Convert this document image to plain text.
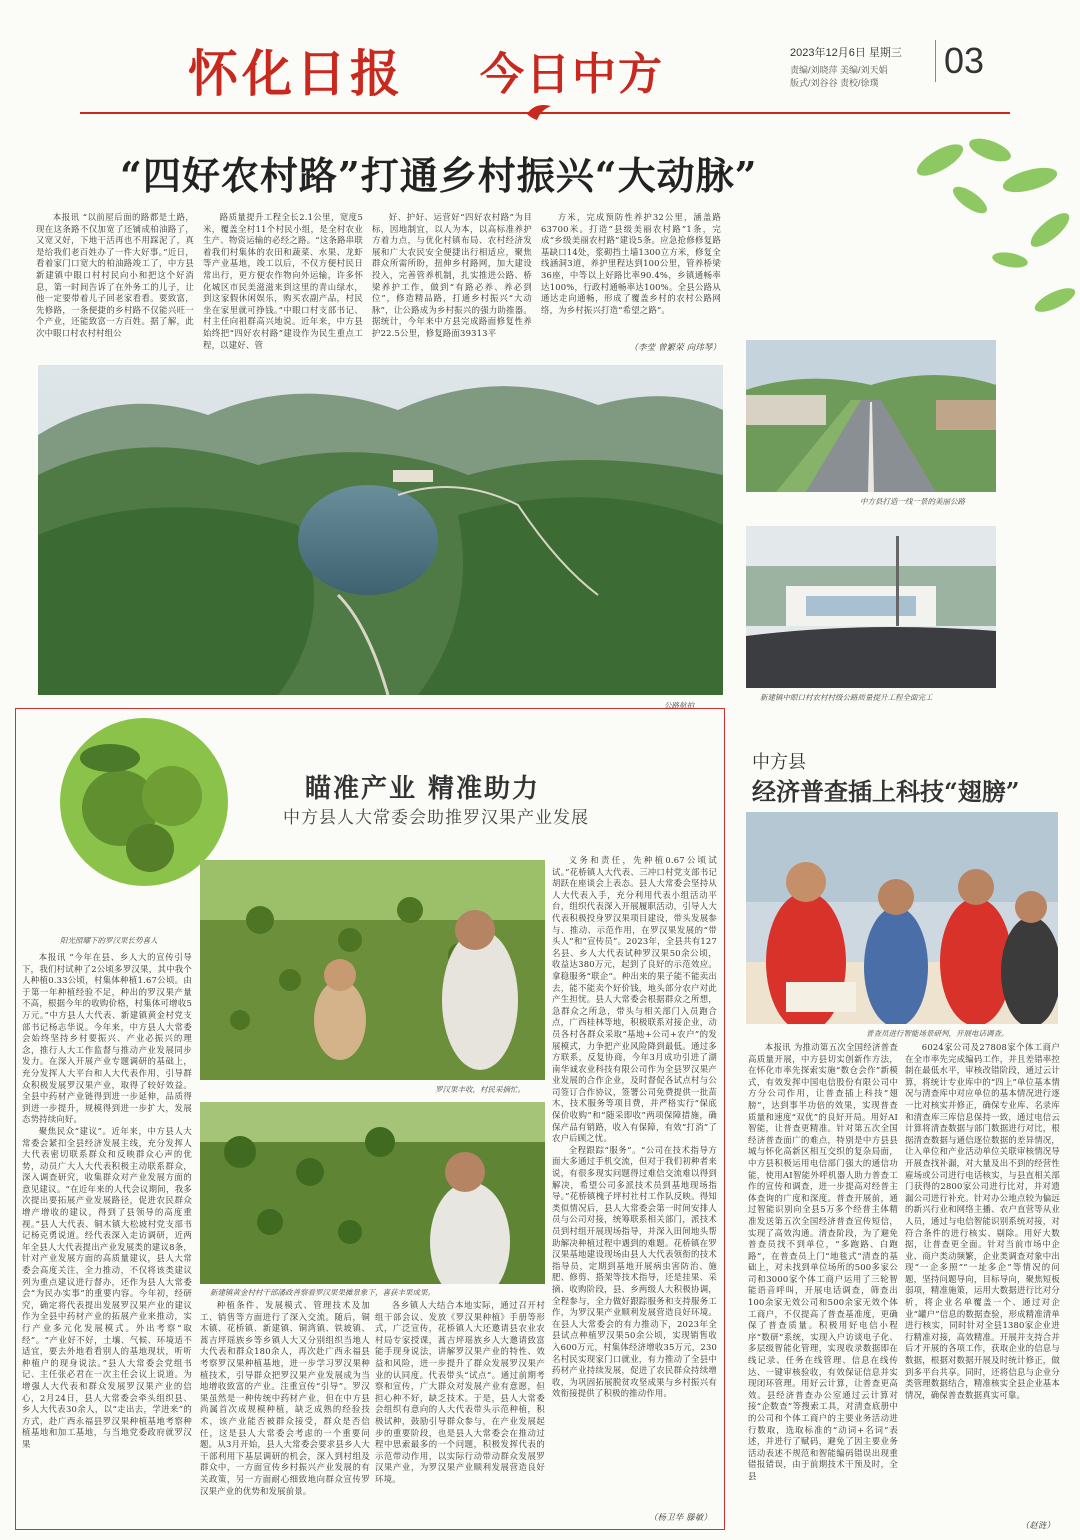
怀化日报 今日中方	2023年12月6日 星期三
责编/刘晓萍 美编/刘天娟
版式/刘谷谷 责校/徐璞
03
“四好农村路”打通乡村振兴“大动脉”

本报讯 “以前屋后面的路都是土路，现在这条路不仅加宽了还铺成柏油路了，又宽又好，下地干活再也不用踩泥了，真是给我们老百姓办了一件大好事。”近日，看着家门口宽大的柏油路竣工了，中方县新建镇中眼口村村民向小和把这个好消息，第一时间告诉了在外务工的儿子，让他一定要带着儿子回老家看看。要致富，先修路，一条便捷的乡村路不仅能兴旺一个产业，还能致富一方百姓。据了解，此次中眼口村农村村组公

路质量提升工程全长2.1公里，宽度5米，覆盖全村11个村民小组，是全村农业生产、物资运输的必经之路。“这条路串联着我们村集体的农田和蔬菜、水果、龙虾等产业基地，竣工以后，不仅方便村民日常出行，更方便农作物向外运输，许多怀化城区市民美滋滋来到这里的青山绿水，到这家假休闲娱乐，购买农副产品，村民坐在家里就可挣钱。”中眼口村支部书记、村主任向祖群高兴地说。近年来，中方县始终把“四好农村路”建设作为民生重点工程，以建好、管

好、护好、运营好“四好农村路”为目标，因地制宜，以人为本，以高标准养护方着力点，与优化村镇布局、农村经济发展和广大农民安全便捷出行相适应，聚焦群众所需所盼，扭伸乡村路网，加大建设投入，完善管养机制，扎实推进公路、桥梁养护工作，做到“有路必养、养必到位”，修造精品路，打通乡村振兴“大动脉”，让公路成为乡村振兴的强力助推器。据统计，今年来中方县完成路面修复性养护22.5公里，修复路面39313平

方米，完成预防性养护32公里，涵盖路63700米。打造“县级美丽农村路”1条，完成“乡级美丽农村路”建设5条。应急抢修修复路基缺口14处，浆砌挡土墙1300立方米，修复全线涵洞3道，养护里程达到100公里，管养桥梁36座，中等以上好路比率90.4%，乡镇通畅率达100%，行政村通畅率达100%。全县公路从通达走向通畅，形成了覆盖乡村的农村公路网络，为乡村振兴打造“希望之路”。

（李莹 曾繁荣 向玮琴）
公路航拍
中方县打造一线一景的美丽公路
新建镇中眼口村农村村级公路质量提升工程全面完工
阳光照耀下的罗汉果长势喜人
瞄准产业 精准助力
中方县人大常委会助推罗汉果产业发展
罗汉果丰收，村民采摘忙。
新建镇黄金村村干部潘政善察看罗汉果果摊景象下，喜获丰果成果。

本报讯 “今年在县、乡人大的宣传引导下，我们村试种了2公顷多罗汉果，其中我个人种植0.33公顷，村集体种植1.67公顷。由于第一年种植经验不足，种出的罗汉果产量不高，根据今年的收购价格，村集体可增收5万元。”中方县人大代表、新建镇黄金村党支部书记杨志华说。今年来，中方县人大常委会始终坚持乡村要振兴、产业必振兴的理念，推行人大工作监督与推动产业发展同步发力。在深入开展产业专题调研的基础上，充分发挥人大平台和人大代表作用，引导群众积极发展罗汉果产业，取得了较好效益。全县中药材产业链得到进一步延伸，品质得到进一步提升，规模得到进一步扩大，发展态势持续向好。

聚焦民众“建议”。近年来，中方县人大常委会紧扣全县经济发展主线，充分发挥人大代表密切联系群众和反映群众心声的优势，动员广大人大代表积极主动联系群众，深入调查研究，收集群众对产业发展方面的意见建议。“在近年来的人代会议期间，我多次提出要拓展产业发展路径，促进农民群众增产增收的建议，得到了县领导的高度重视。”县人大代表、铜木镇大松坡村党支部书记杨克勇说道。经代表深入走访调研，近两年全县人大代表提出产业发展类的建议8条，针对产业发展方面的高质量建议，县人大常委会高度关注，全力推动，不仅将该类建议列为重点建议进行督办，还作为县人大常委会“为民办实事”的重要内容。今年初，经研究，确定将代表提出发展罗汉果产业的建议作为全县中药材产业的拓展产业来推动，实行产业多元化发展模式。外出考察“取经”。“产业好不好，土壤、气候、环境适不适宜，要去外地看看别人的基地现状，听听种植户的现身说法。”县人大常委会党组书记、主任张必君在一次主任会议上说道。为增强人大代表和群众发展罗汉果产业的信心，2月24日，县人大常委会牵头组织县、乡人大代表30余人，以“走出去，学进来”的方式，赴广西永福县罗汉果种植基地考察种植基地和加工基地，与当地党委政府就罗汉果

种植条件、发展模式、管理技术及加工、销售等方面进行了深入交流。随后，铜木镇、花桥镇、新建镇、铜湾镇、铁坡镇、蒿吉坪瑶族乡等乡镇人大又分别组织当地人大代表和群众180余人，再次赴广西永福县考察罗汉果种植基地，进一步学习罗汉果种植技术，引导群众把罗汉果产业发展成为当地增收致富的产业。注重宣传“引导”。罗汉果虽然是一种传统中药材产业，但在中方县尚属首次成规模种植，缺乏成熟的经验技术，该产业能否被群众接受，群众是否信任，这是县人大常委会考虑的一个重要问题。从3月开始，县人大常委会要求县乡人大干部利用下基层调研的机会，深入到村组及群众中，一方面宣传乡村振兴产业发展的有关政策，另一方面耐心细致地向群众宣传罗汉果产业的优势和发展前景。

各乡镇人大结合本地实际，通过召开村组干部会议、发放《罗汉果种植》手册等形式，广泛宣传，花桥镇人大还邀请县农业农村局专家授课，蒿吉坪瑶族乡人大邀请致富能手现身说法，讲解罗汉果产业的特性、效益和风险，进一步提升了群众发展罗汉果产业的认同度。代表带头“试点”。通过前期考察和宣传，广大群众对发展产业有意愿，但担心种不好，缺乏技术。于是，县人大常委会组织有意向的人大代表带头示范种植，积极试种，鼓励引导群众参与，在产业发展起步的重要阶段，也是县人大常委会在推动过程中思索最多的一个问题，积极发挥代表的示范带动作用，以实际行动带动群众发展罗汉果产业，为罗汉果产业顺利发展营造良好环境。

义务和责任，先种植0.67公顷试试。”花桥镇人大代表、三冲口村党支部书记胡跃在座谈会上表态。县人大常委会坚持从人大代表入手，充分利用代表小组活动平台，组织代表深入开展履职活动，引导人大代表积极投身罗汉果项目建设，带头发展参与、推动、示范作用，在罗汉果发展的“带头人”和“宣传员”。2023年，全县共有127名县、乡人大代表试种罗汉果50余公顷，收益达380万元，起到了良好的示范效应。拿稳服务“联企”。种出来的果子能不能卖出去，能不能卖个好价钱，地头部分农户对此产生担忧。县人大常委会根据群众之所想，急群众之所急，带头与相关部门入员跑合点，广西桂林等地，积极联系对接企业，动员各村各群众采取“基地+公司+农户”的发展模式，力争把产业风险降到最低。通过多方联系，反复协商，今年3月成功引进了湖南华诚农业科技有限公司作为全县罗汉果产业发展的合作企业，及时督促各试点村与公司签订合作协议，签署公司免费提供一批苗木，技术服务等项目费，并严格实行“保底保价收购”和“随采即收”两项保障措施，确保产品有销路，收入有保障，有效“打消”了农户后顾之忧。

全程跟踪“服务”。“公司在技术指导方面大多通过手机交流，但对于我们初种者来说，有很多现实问题得过难信交流难以得到解决，希望公司多派技术员到基地现场指导。”花桥镇槐子坪村社村工作队反映。得知类似情况后，县人大常委会第一时间安排人员与公司对接，统筹联系相关部门，派技术员到村组开展现场指导，并深入田间地头帮助解决种植过程中遇到的难题。花桥镇在罗汉果基地建设现场由县人大代表领衔的技术指导员，定期到基地开展病虫害防治、施肥、修剪、搭架等技术指导，还是挂果、采摘、收购阶段，县、乡两级人大积极协调，全程参与，全力做好跟踪服务和支持服务工作，为罗汉果产业顺利发展营造良好环境。在县人大常委会的有力推动下，2023年全县试点种植罗汉果50余公顷，实现销售收入600万元，村集体经济增收35万元，230名村民实现家门口就业，有力推动了全县中药材产业持续发展，促进了农民群众持续增收，为巩固拓展脱贫攻坚成果与乡村振兴有效衔接提供了积极的推动作用。

（杨卫华 滕敏）
中方县
经济普查插上科技“翅膀”
普查员进行智能场景研判，开展电话调查。

本报讯 为推动第五次全国经济普查高质量开展，中方县切实创新作方法，在怀化市率先探索实施“数仓会作”新模式，有效发挥中国电信股份有限公司中方分公司作用，让普查插上科技“翅膀”，达到事半功倍的效果，实现普查质量和速度“双优”的良好开局。用好AI智能，让普查更精准。针对第五次全国经济普查面广的难点，特别是中方县县城与怀化高新区相互交织的复杂局面，中方县积极运用电信部门强大的通信功能，使用AI智能外呼机器人助力普查工作的宣传和调查，进一步提高对经普主体查询的广度和深度。普查开展前，通过智能识别向全县5万多个经普主体精准发送第五次全国经济普查宣传短信，实现了高效沟通。清查阶段，为了避免普查员找不到单位，“多跑路、白跑路”，在普查员上门“地毯式”清查的基础上，对未找到单位场所的500多家公司和3000家个体工商户运用了三轮智能语音呼叫，开展电话调查，筛查出100余家无效公司和500余家无效个体工商户，不仅提高了普查基准度，更确保了普查质量。积极用好电信小程序“数研”系统，实现入户访谈电子化、多层级智能化管理，实现收录数据即在线记录、任务在线管理、信息在线传达、一键审核验收，有效保证信息并实现闭环管理。用好云计算，让普查更高效。县经济普查办公室通过云计算对接“企数查”等搜索工具，对清查底册中的公司和个体工商户的主要业务活动进行数取，选取标准的“动词+名词”表述，并进行了赋码，避免了因主要业务活动表述不规范和智能编码错误出现重错报错误，由于前期技术干预及时，全县

6024家公司及27808家个体工商户在全市率先完成编码工作，并且差错率控制在最低水平，审核改错阶段，通过云计算，将统计专业库中的“四上”单位基本情况与清查库中对应单位的基本情况进行逐一比对核实并修正，确保专业库、名录库和清查库三库信息保持一致，通过电信云计算将清查数据与部门数据进行对比，根据清查数据与通信逐位数据的差异情况，让入单位和产业活动单位关联审核情况导开展查找补漏，对大量及出不到的经营性雇场或公司进行电话核实，与县直相关部门获得的2800家公司进行比对，并对遗漏公司进行补充。针对办公地点较为偏远的新兴行业和网络主播、农户直营等从业人员，通过与电信智能识别系统对接，对符合条件的进行核实、剔除。用好大数据，让普查更全面。针对当前市场中企业、商户类动频繁，企业类调查对象中出现“一企多照”“一址多企”等情况的问题，坚持问题导向，目标导向，聚焦短板弱项，精准施策，运用大数据进行比对分析，将企业名单覆盖一个、通过对企业“罐户”信息的数据查验，形成精准清单进行核实，同时针对全县1380家企业进行精准对接，高效精准。开展并支持合并后才开展的各项工作，获取企业的信息与数据，根据对数据开展及时统计修正，做到多平台共享。同时，还将信息与企业分类管理数据结合，精准核实全县企业基本情况，确保普查数据真实可靠。

（赵涟）
